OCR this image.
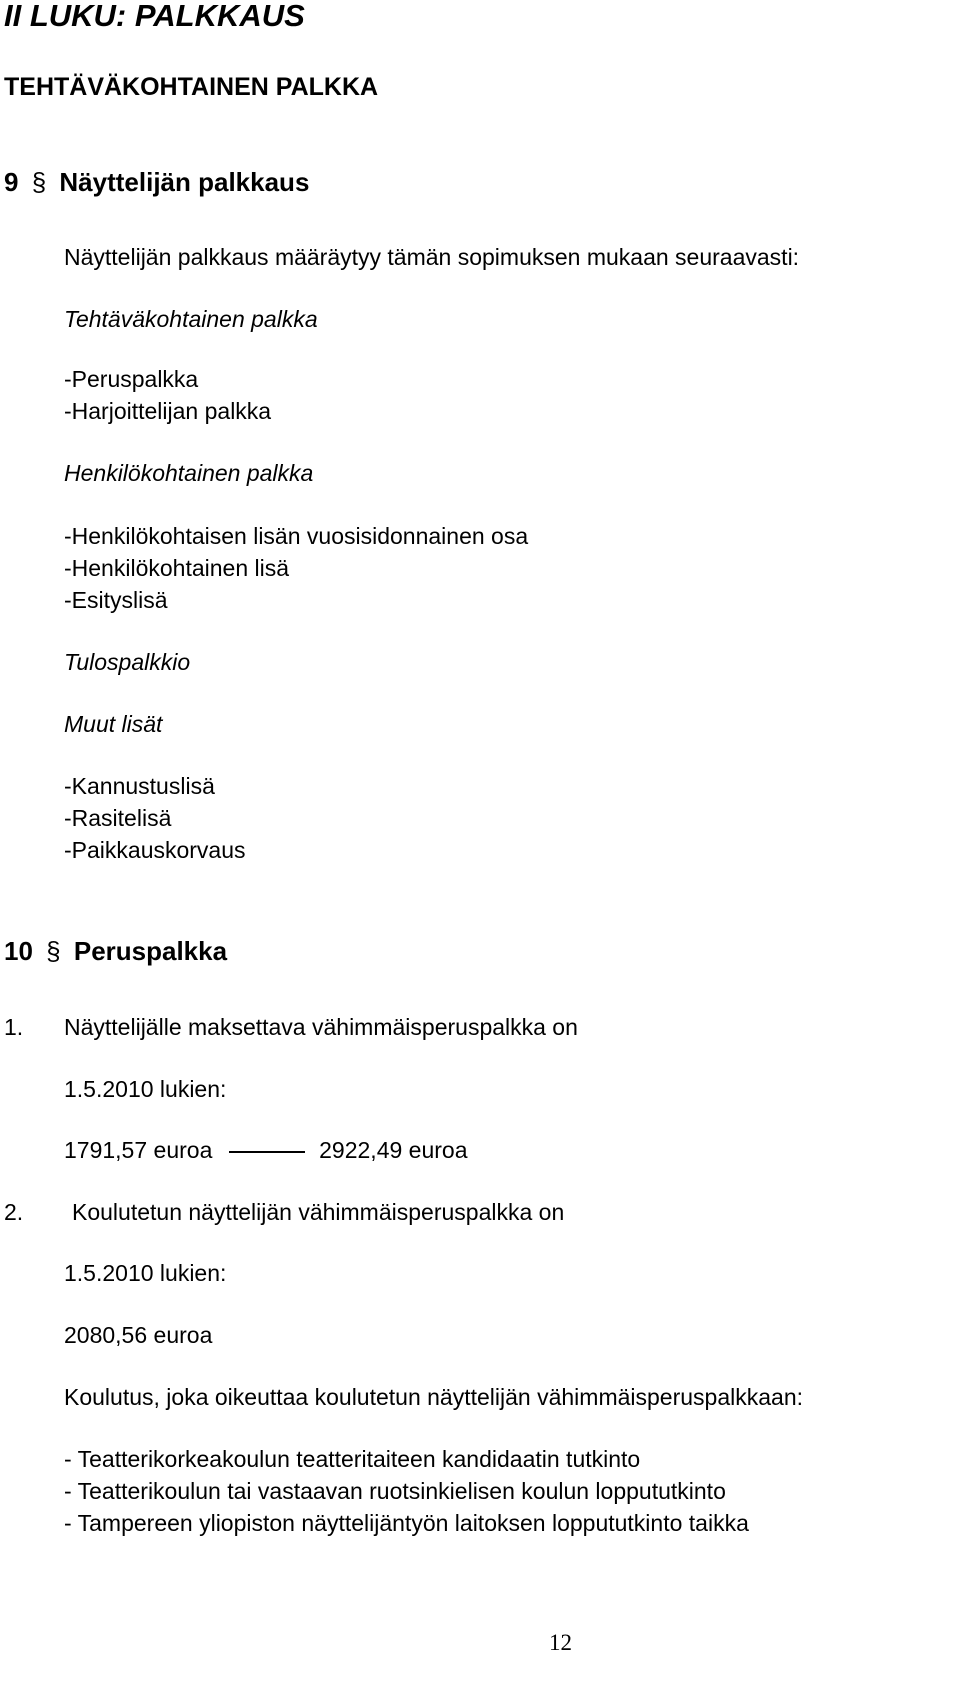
II LUKU: PALKKAUS
TEHTÄVÄKOHTAINEN PALKKA
9 § Näyttelijän palkkaus
Näyttelijän palkkaus määräytyy tämän sopimuksen mukaan seuraavasti:
Tehtäväkohtainen palkka
-Peruspalkka
-Harjoittelijan palkka
Henkilökohtainen palkka
-Henkilökohtaisen lisän vuosisidonnainen osa
-Henkilökohtainen lisä
-Esityslisä
Tulospalkkio
Muut lisät
-Kannustuslisä
-Rasitelisä
-Paikkauskorvaus
10 § Peruspalkka
1. Näyttelijälle maksettava vähimmäisperuspalkka on
1.5.2010 lukien:
1791,57 euroa	2922,49 euroa
2. Koulutetun näyttelijän vähimmäisperuspalkka on
1.5.2010 lukien:
2080,56 euroa
Koulutus, joka oikeuttaa koulutetun näyttelijän vähimmäisperuspalkkaan:
- Teatterikorkeakoulun teatteritaiteen kandidaatin tutkinto
- Teatterikoulun tai vastaavan ruotsinkielisen koulun loppututkinto
- Tampereen yliopiston näyttelijäntyön laitoksen loppututkinto taikka
12
